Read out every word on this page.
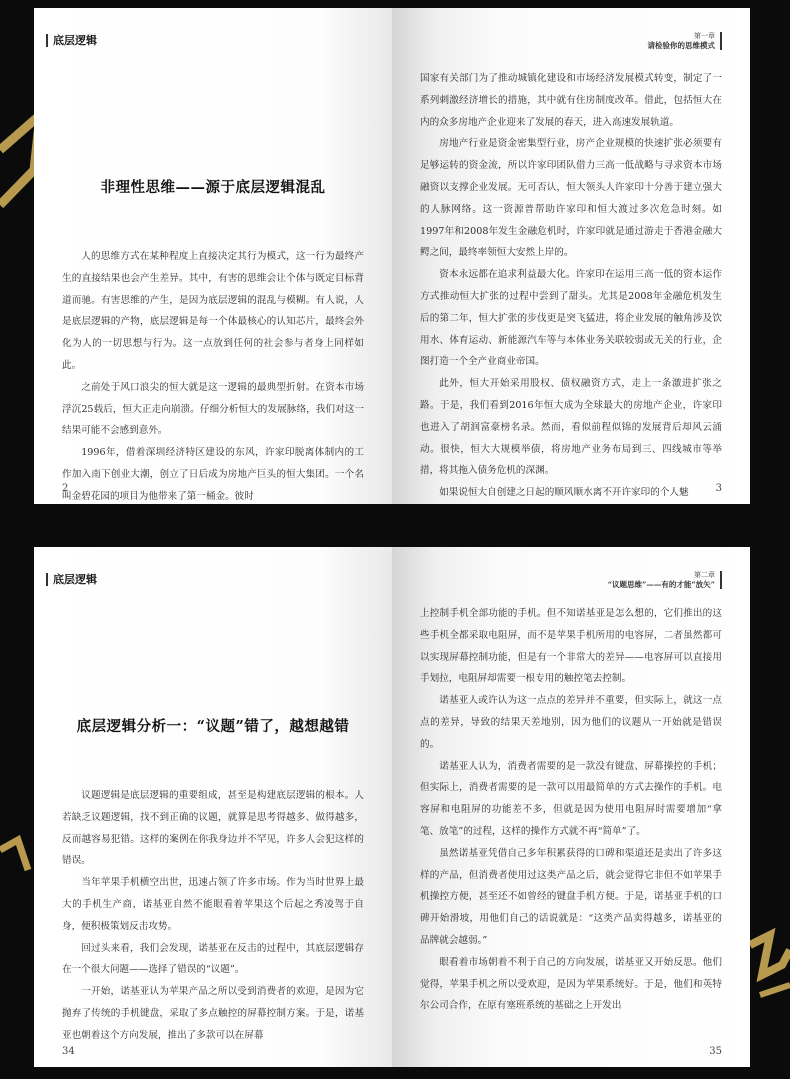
底层逻辑
非理性思维——源于底层逻辑混乱

人的思维方式在某种程度上直接决定其行为模式，这一行为最终产生的直接结果也会产生差异。其中，有害的思维会让个体与既定目标背道而驰。有害思维的产生，是因为底层逻辑的混乱与模糊。有人说，人是底层逻辑的产物，底层逻辑是每一个体最核心的认知芯片，最终会外化为人的一切思想与行为。这一点放到任何的社会参与者身上同样如此。

之前处于风口浪尖的恒大就是这一逻辑的最典型折射。在资本市场浮沉25载后，恒大正走向崩溃。仔细分析恒大的发展脉络，我们对这一结果可能不会感到意外。

1996年，借着深圳经济特区建设的东风，许家印脱离体制内的工作加入南下创业大潮，创立了日后成为房地产巨头的恒大集团。一个名叫金碧花园的项目为他带来了第一桶金。彼时

2
第一章
请检验你的思维模式

国家有关部门为了推动城镇化建设和市场经济发展模式转变，制定了一系列刺激经济增长的措施，其中就有住房制度改革。借此，包括恒大在内的众多房地产企业迎来了发展的春天，进入高速发展轨道。

房地产行业是资金密集型行业，房产企业规模的快速扩张必须要有足够运转的资金流，所以许家印团队借力三高一低战略与寻求资本市场融资以支撑企业发展。无可否认，恒大领头人许家印十分善于建立强大的人脉网络。这一资源普帮助许家印和恒大渡过多次危急时刻。如1997年和2008年发生金融危机时，许家印就是通过游走于香港金融大鳄之间，最终率领恒大安然上岸的。

资本永远都在追求利益最大化。许家印在运用三高一低的资本运作方式推动恒大扩张的过程中尝到了甜头。尤其是2008年金融危机发生后的第二年，恒大扩张的步伐更是突飞猛进，将企业发展的触角涉及饮用水、体育运动、新能源汽车等与本体业务关联较弱或无关的行业，企图打造一个全产业商业帝国。

此外，恒大开始采用股权、债权融资方式，走上一条激进扩张之路。于是，我们看到2016年恒大成为全球最大的房地产企业，许家印也进入了胡润富豪榜名录。然而，看似前程似锦的发展背后却风云涌动。很快，恒大大规模举债，将房地产业务布局到三、四线城市等举措，将其拖入债务危机的深渊。

如果说恒大自创建之日起的顺风顺水离不开许家印的个人魅	3
底层逻辑
底层逻辑分析一：“议题”错了，越想越错

议题逻辑是底层逻辑的重要组成，甚至是构建底层逻辑的根本。人若缺乏议题逻辑，找不到正确的议题，就算是思考得越多、做得越多，反而越容易犯错。这样的案例在你我身边并不罕见，许多人会犯这样的错误。

当年苹果手机横空出世，迅速占领了许多市场。作为当时世界上最大的手机生产商，诺基亚自然不能眼看着苹果这个后起之秀凌驾于自身，便积极策划反击攻势。

回过头来看，我们会发现，诺基亚在反击的过程中，其底层逻辑存在一个很大问题——选择了错误的“议题”。

一开始，诺基亚认为苹果产品之所以受到消费者的欢迎，是因为它抛弃了传统的手机键盘，采取了多点触控的屏幕控制方案。于是，诺基亚也朝着这个方向发展，推出了多款可以在屏幕

34
第二章
“议题思维”——有的才能“放矢”

上控制手机全部功能的手机。但不知诺基亚是怎么想的，它们推出的这些手机全都采取电阻屏，而不是苹果手机所用的电容屏，二者虽然都可以实现屏幕控制功能，但是有一个非常大的差异——电容屏可以直接用手划拉，电阻屏却需要一根专用的触控笔去控制。

诺基亚人或许认为这一点点的差异并不重要，但实际上，就这一点点的差异，导致的结果天差地别，因为他们的议题从一开始就是错误的。

诺基亚人认为，消费者需要的是一款没有键盘、屏幕操控的手机；但实际上，消费者需要的是一款可以用最简单的方式去操作的手机。电容屏和电阻屏的功能差不多，但就是因为使用电阻屏时需要增加“拿笔、放笔”的过程，这样的操作方式就不再“简单”了。

虽然诺基亚凭借自己多年积累获得的口碑和渠道还是卖出了许多这样的产品，但消费者使用过这类产品之后，就会觉得它非但不如苹果手机操控方便，甚至还不如曾经的键盘手机方便。于是，诺基亚手机的口碑开始滑坡，用他们自己的话说就是：“这类产品卖得越多，诺基亚的品牌就会越弱。”

眼看着市场朝着不利于自己的方向发展，诺基亚又开始反思。他们觉得，苹果手机之所以受欢迎，是因为苹果系统好。于是，他们和英特尔公司合作，在原有塞班系统的基础之上开发出

35
